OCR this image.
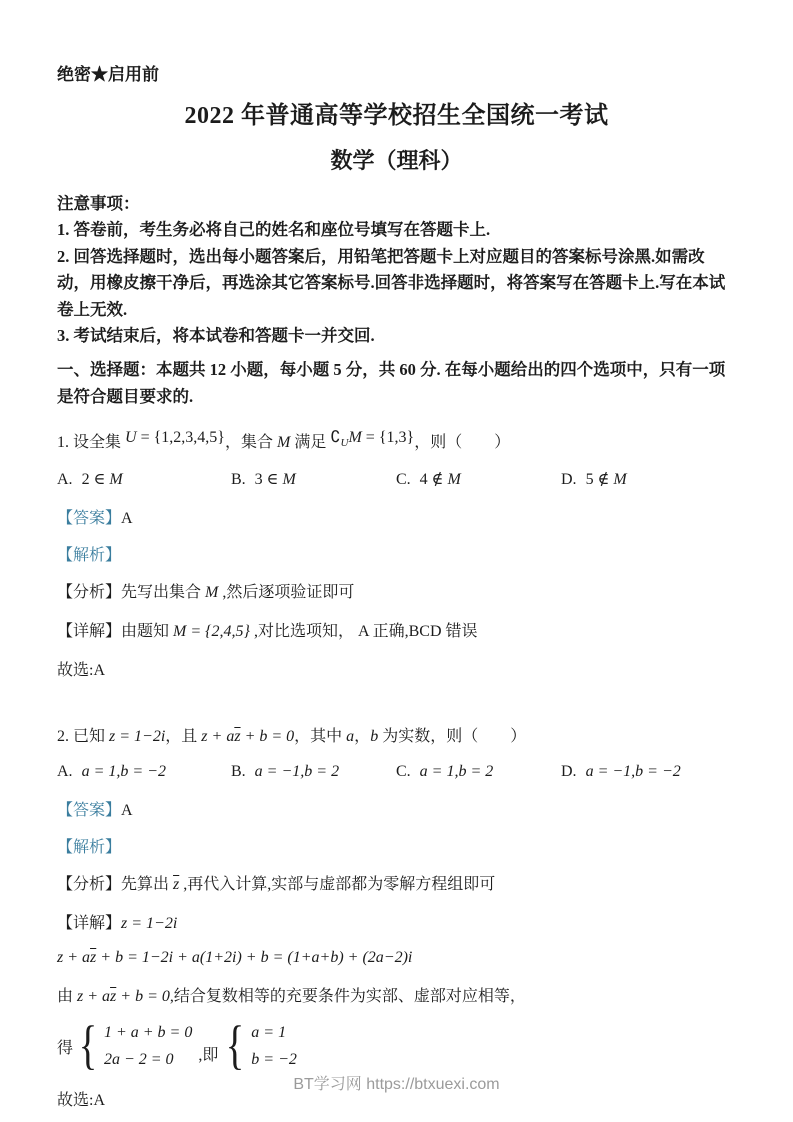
绝密★启用前
2022 年普通高等学校招生全国统一考试
数学（理科）
注意事项：

1. 答卷前，考生务必将自己的姓名和座位号填写在答题卡上.

2. 回答选择题时，选出每小题答案后，用铅笔把答题卡上对应题目的答案标号涂黑.如需改动，用橡皮擦干净后，再选涂其它答案标号.回答非选择题时，将答案写在答题卡上.写在本试卷上无效.

3. 考试结束后，将本试卷和答题卡一并交回.

一、选择题：本题共 12 小题，每小题 5 分，共 60 分. 在每小题给出的四个选项中，只有一项是符合题目要求的.
1. 设全集 U = {1,2,3,4,5}，集合 M 满足 $∁_UM = \{1,3\}$，则（　　）
A. 2 ∈ M	B. 3 ∈ M	C. 4 ∉ M	D. 5 ∉ M
【答案】A
【解析】
【分析】先写出集合 M ,然后逐项验证即可
【详解】由题知 M = {2,4,5} ,对比选项知， A 正确,BCD 错误
故选:A
2. 已知 z = 1−2i，且 $z + a\overline{z} + b = 0$，其中 a，b 为实数，则（　　）
A. a = 1,b = −2	B. a = −1,b = 2	C. a = 1,b = 2	D. a = −1,b = −2
【答案】A
【解析】
【分析】先算出 $\overline{z}$ ,再代入计算,实部与虚部都为零解方程组即可
【详解】z = 1−2i
$z + a\overline{z} + b = 1-2i + a(1+2i) + b = (1+a+b) + (2a-2)i$
由 $z + a\overline{z} + b = 0$,结合复数相等的充要条件为实部、虚部对应相等，
得 { 1 + a + b = 0
2a − 2 = 0	,即 { a = 1
b = −2
故选:A
BT学习网 https://btxuexi.com
